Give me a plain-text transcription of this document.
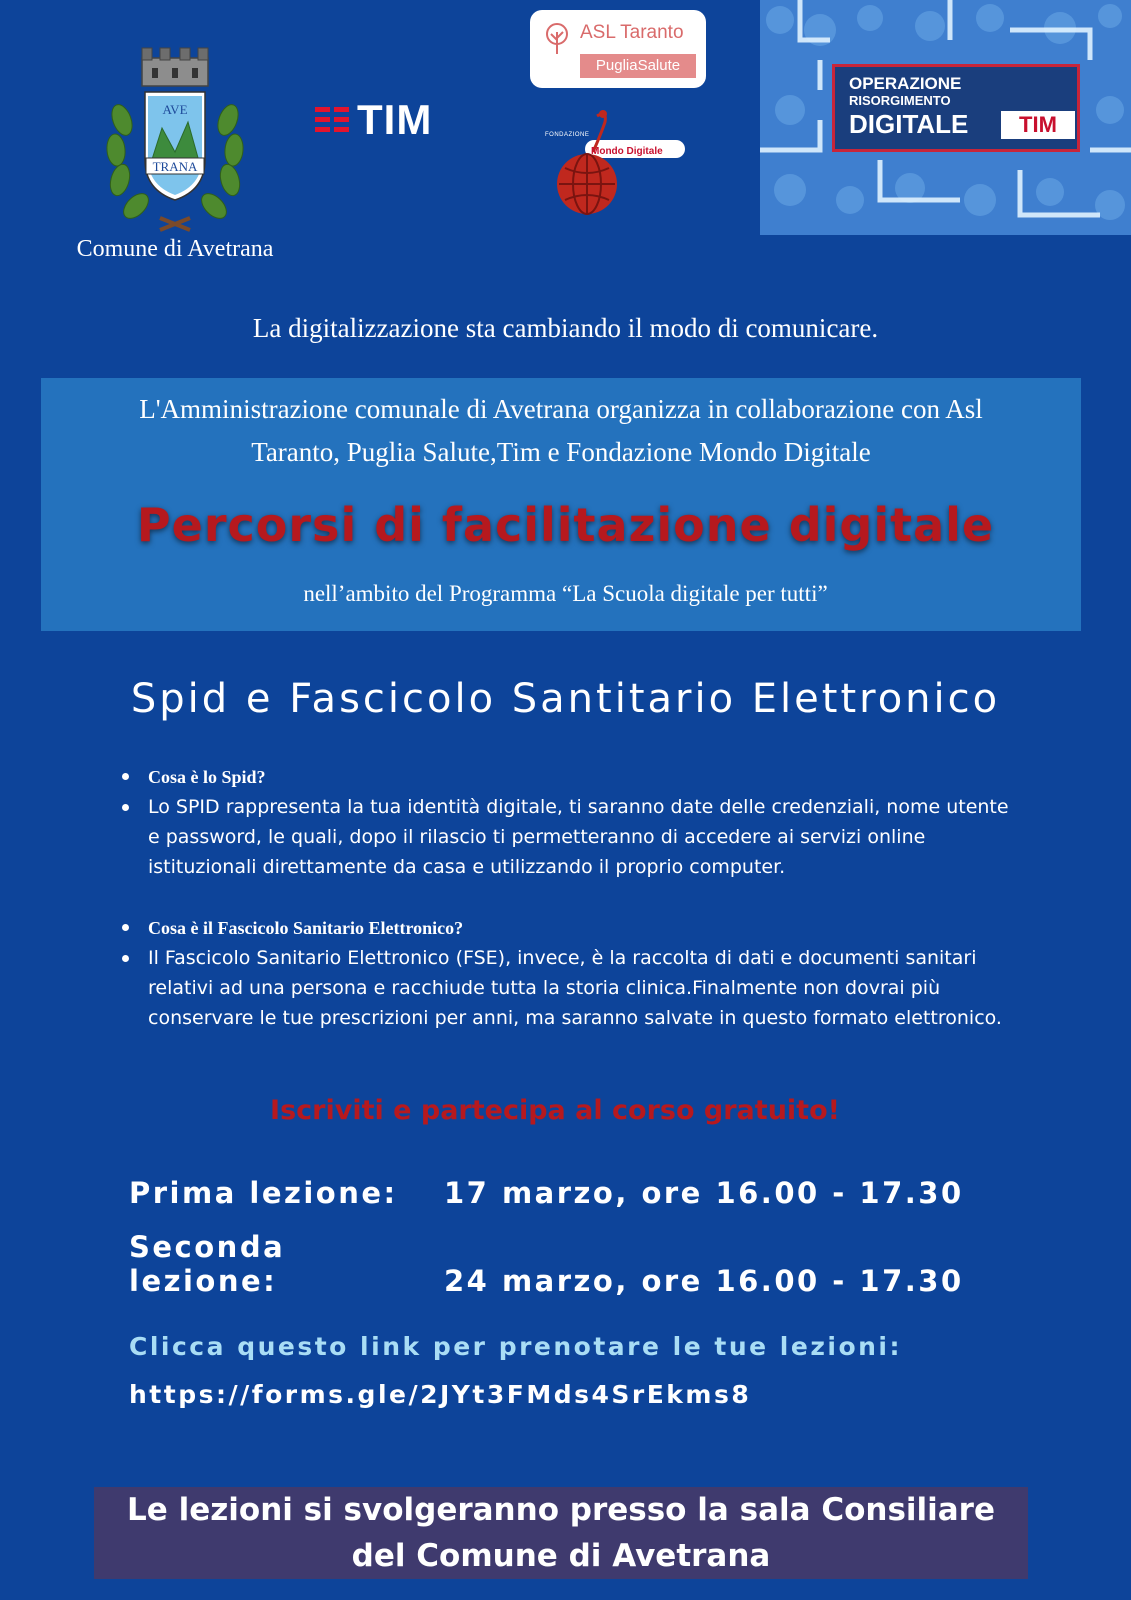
AVE
TRANA
Comune di Avetrana
TIM
ASL Taranto
PugliaSalute
FONDAZIONE
Mondo Digitale
OPERAZIONE
RISORGIMENTO
DIGITALE TIM
La digitalizzazione sta cambiando il modo di comunicare.
L'Amministrazione comunale di Avetrana organizza in collaborazione con Asl
Taranto, Puglia Salute,Tim e Fondazione Mondo Digitale
Percorsi di facilitazione digitale
nell’ambito del Programma “La Scuola digitale per tutti”
Spid e Fascicolo Santitario Elettronico
Cosa è lo Spid?
Lo SPID rappresenta la tua identità digitale, ti saranno date delle credenziali, nome utente e password, le quali, dopo il rilascio ti permetteranno di accedere ai servizi online istituzionali direttamente da casa e utilizzando il proprio computer.
Cosa è il Fascicolo Sanitario Elettronico?
Il Fascicolo Sanitario Elettronico (FSE), invece, è la raccolta di dati e documenti sanitari relativi ad una persona e racchiude tutta la storia clinica.Finalmente non dovrai più conservare le tue prescrizioni per anni, ma saranno salvate in questo formato elettronico.
Iscriviti e partecipa al corso gratuito!
Prima lezione: 17 marzo, ore 16.00 - 17.30
Seconda lezione:	24 marzo, ore 16.00 - 17.30
Clicca questo link per prenotare le tue lezioni:
https://forms.gle/2JYt3FMds4SrEkms8
Le lezioni si svolgeranno presso la sala Consiliare
del Comune di Avetrana
